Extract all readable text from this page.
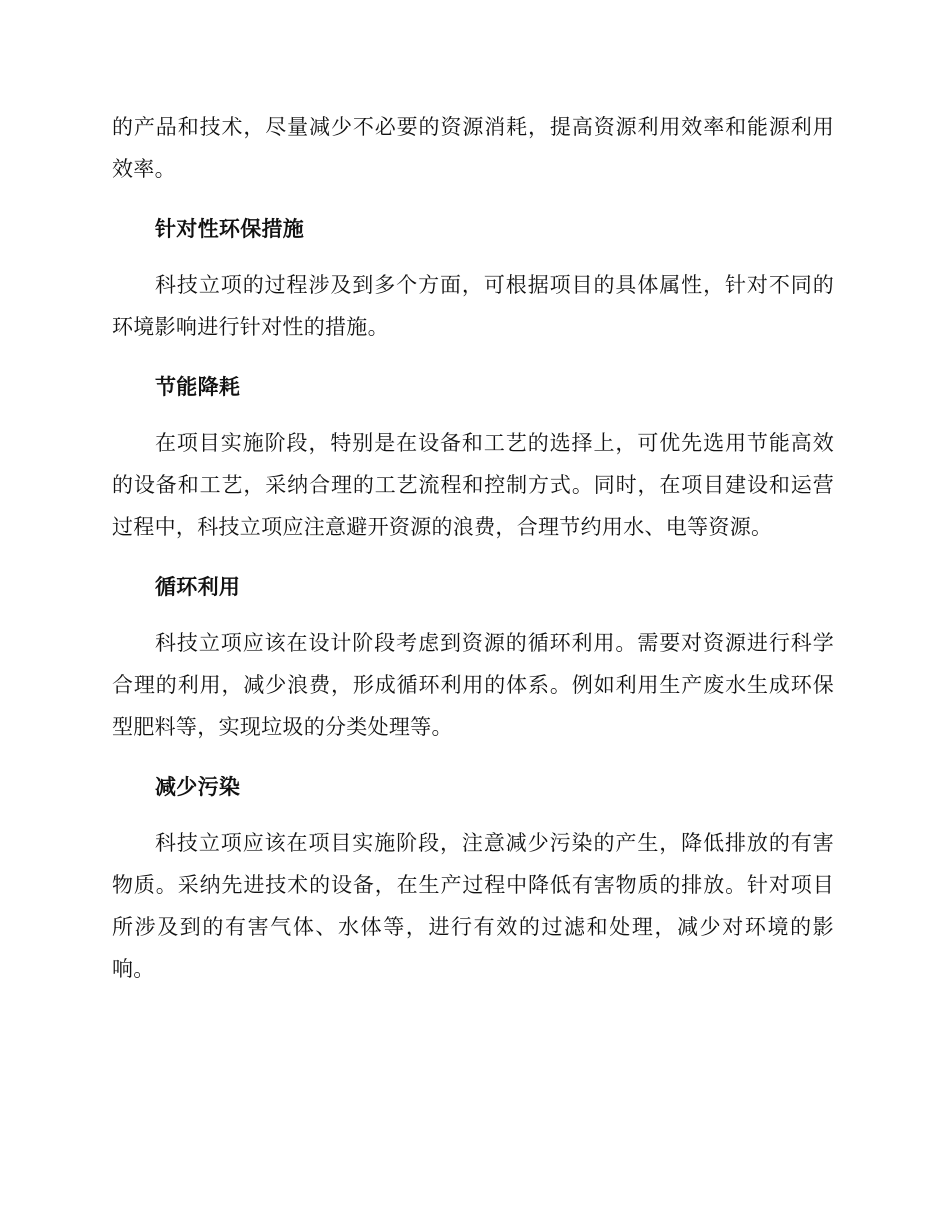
的产品和技术，尽量减少不必要的资源消耗，提高资源利用效率和能源利用效率。

针对性环保措施

科技立项的过程涉及到多个方面，可根据项目的具体属性，针对不同的环境影响进行针对性的措施。

节能降耗

在项目实施阶段，特别是在设备和工艺的选择上，可优先选用节能高效的设备和工艺，采纳合理的工艺流程和控制方式。同时，在项目建设和运营过程中，科技立项应注意避开资源的浪费，合理节约用水、电等资源。

循环利用

科技立项应该在设计阶段考虑到资源的循环利用。需要对资源进行科学合理的利用，减少浪费，形成循环利用的体系。例如利用生产废水生成环保型肥料等，实现垃圾的分类处理等。

减少污染

科技立项应该在项目实施阶段，注意减少污染的产生，降低排放的有害物质。采纳先进技术的设备，在生产过程中降低有害物质的排放。针对项目所涉及到的有害气体、水体等，进行有效的过滤和处理，减少对环境的影响。
